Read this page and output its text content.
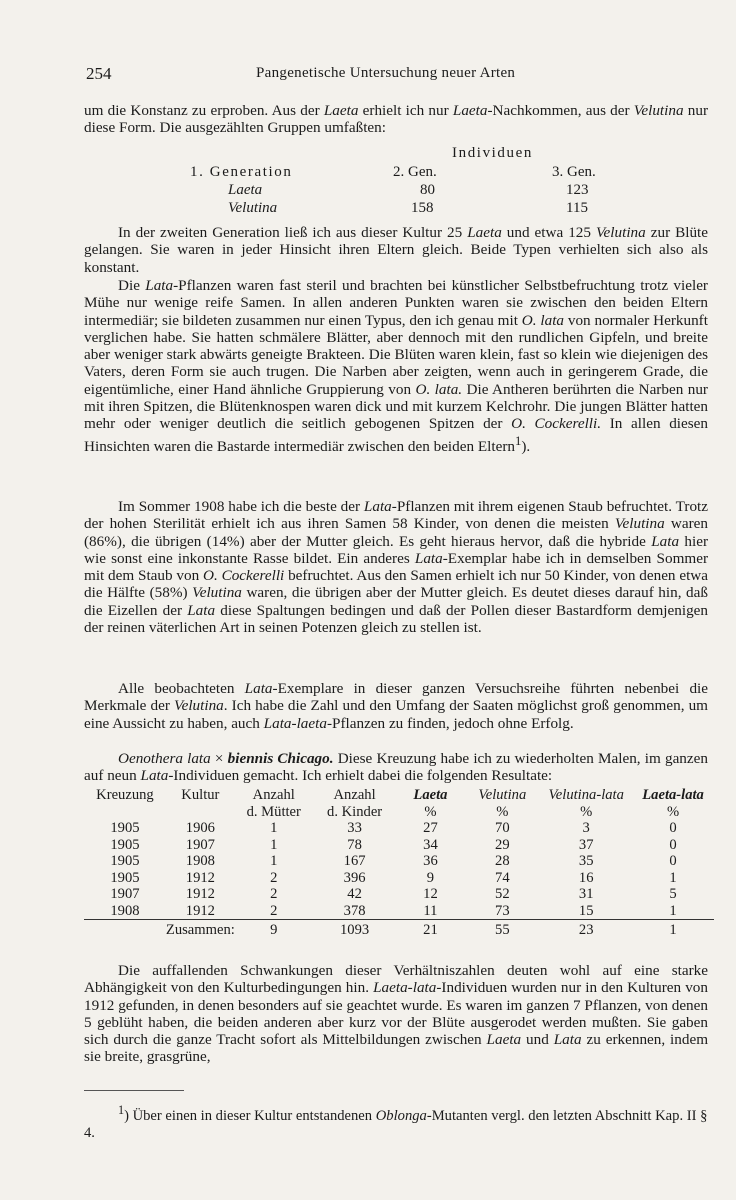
254	Pangenetische Untersuchung neuer Arten

um die Konstanz zu erproben. Aus der Laeta erhielt ich nur Laeta-Nachkommen, aus der Velutina nur diese Form. Die ausgezählten Gruppen umfaßten:

Individuen
1. Generation	2. Gen.	3. Gen.
Laeta	80	123
Velutina	158	115

In der zweiten Generation ließ ich aus dieser Kultur 25 Laeta und etwa 125 Velutina zur Blüte gelangen. Sie waren in jeder Hinsicht ihren Eltern gleich. Beide Typen verhielten sich also als konstant.

Die Lata-Pflanzen waren fast steril und brachten bei künstlicher Selbstbefruchtung trotz vieler Mühe nur wenige reife Samen. In allen anderen Punkten waren sie zwischen den beiden Eltern intermediär; sie bildeten zusammen nur einen Typus, den ich genau mit O. lata von normaler Herkunft verglichen habe. Sie hatten schmälere Blätter, aber dennoch mit den rundlichen Gipfeln, und breite aber weniger stark abwärts geneigte Brakteen. Die Blüten waren klein, fast so klein wie diejenigen des Vaters, deren Form sie auch trugen. Die Narben aber zeigten, wenn auch in geringerem Grade, die eigentümliche, einer Hand ähnliche Gruppierung von O. lata. Die Antheren berührten die Narben nur mit ihren Spitzen, die Blütenknospen waren dick und mit kurzem Kelchrohr. Die jungen Blätter hatten mehr oder weniger deutlich die seitlich gebogenen Spitzen der O. Cockerelli. In allen diesen Hinsichten waren die Bastarde intermediär zwischen den beiden Eltern$^1$).

Im Sommer 1908 habe ich die beste der Lata-Pflanzen mit ihrem eigenen Staub befruchtet. Trotz der hohen Sterilität erhielt ich aus ihren Samen 58 Kinder, von denen die meisten Velutina waren (86%), die übrigen (14%) aber der Mutter gleich. Es geht hieraus hervor, daß die hybride Lata hier wie sonst eine inkonstante Rasse bildet. Ein anderes Lata-Exemplar habe ich in demselben Sommer mit dem Staub von O. Cockerelli befruchtet. Aus den Samen erhielt ich nur 50 Kinder, von denen etwa die Hälfte (58%) Velutina waren, die übrigen aber der Mutter gleich. Es deutet dieses darauf hin, daß die Eizellen der Lata diese Spaltungen bedingen und daß der Pollen dieser Bastardform demjenigen der reinen väterlichen Art in seinen Potenzen gleich zu stellen ist.

Alle beobachteten Lata-Exemplare in dieser ganzen Versuchsreihe führten nebenbei die Merkmale der Velutina. Ich habe die Zahl und den Umfang der Saaten möglichst groß genommen, um eine Aussicht zu haben, auch Lata-laeta-Pflanzen zu finden, jedoch ohne Erfolg.

Oenothera lata × biennis Chicago. Diese Kreuzung habe ich zu wiederholten Malen, im ganzen auf neun Lata-Individuen gemacht. Ich erhielt dabei die folgenden Resultate:

Kreuzung	Kultur	Anzahl	Anzahl	Laeta	Velutina	Velutina-lata	Laeta-lata
		d. Mütter	d. Kinder	%	%	%	%
1905	1906	1	33	27	70	3	0
1905	1907	1	78	34	29	37	0
1905	1908	1	167	36	28	35	0
1905	1912	2	396	9	74	16	1
1907	1912	2	42	12	52	31	5
1908	1912	2	378	11	73	15	1
	Zusammen:	9	1093	21	55	23	1

Die auffallenden Schwankungen dieser Verhältniszahlen deuten wohl auf eine starke Abhängigkeit von den Kulturbedingungen hin. Laeta-lata-Individuen wurden nur in den Kulturen von 1912 gefunden, in denen besonders auf sie geachtet wurde. Es waren im ganzen 7 Pflanzen, von denen 5 geblüht haben, die beiden anderen aber kurz vor der Blüte ausgerodet werden mußten. Sie gaben sich durch die ganze Tracht sofort als Mittelbildungen zwischen Laeta und Lata zu erkennen, indem sie breite, grasgrüne,

$^1$) Über einen in dieser Kultur entstandenen Oblonga-Mutanten vergl. den letzten Abschnitt Kap. II § 4.
